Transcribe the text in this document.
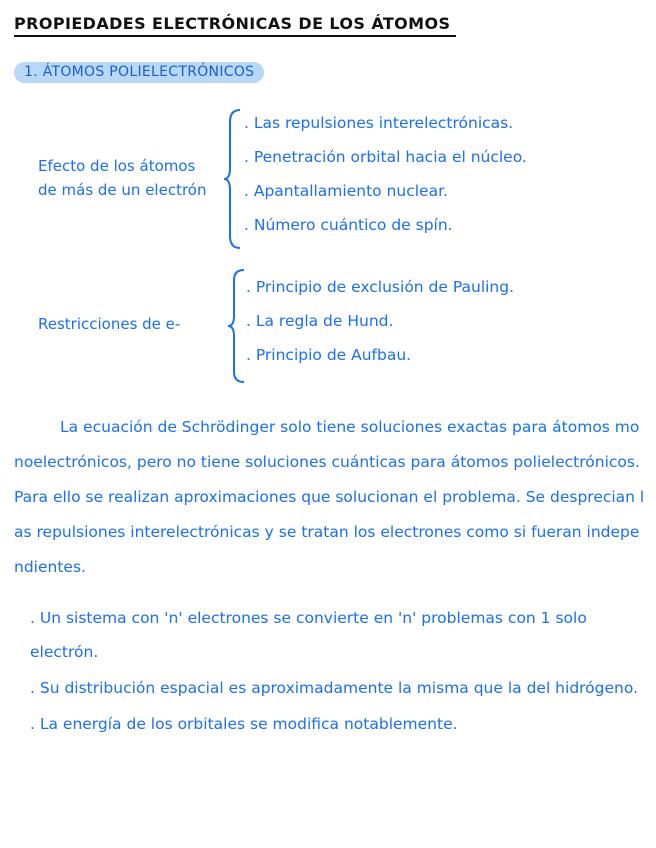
PROPIEDADES ELECTRÓNICAS DE LOS ÁTOMOS
1. ÁTOMOS POLIELECTRÓNICOS
Efecto de los átomos
de más de un electrón
. Las repulsiones interelectrónicas.
. Penetración orbital hacia el núcleo.
. Apantallamiento nuclear.
. Número cuántico de spín.
Restricciones de e-
. Principio de exclusión de Pauling.
. La regla de Hund.
. Principio de Aufbau.

La ecuación de Schrödinger solo tiene soluciones exactas para átomos monoelectrónicos, pero no tiene soluciones cuánticas para átomos polielectrónicos. Para ello se realizan aproximaciones que solucionan el problema. Se desprecian las repulsiones interelectrónicas y se tratan los electrones como si fueran independientes.

. Un sistema con 'n' electrones se convierte en 'n' problemas con 1 solo electrón.
. Su distribución espacial es aproximadamente la misma que la del hidrógeno.
. La energía de los orbitales se modifica notablemente.
